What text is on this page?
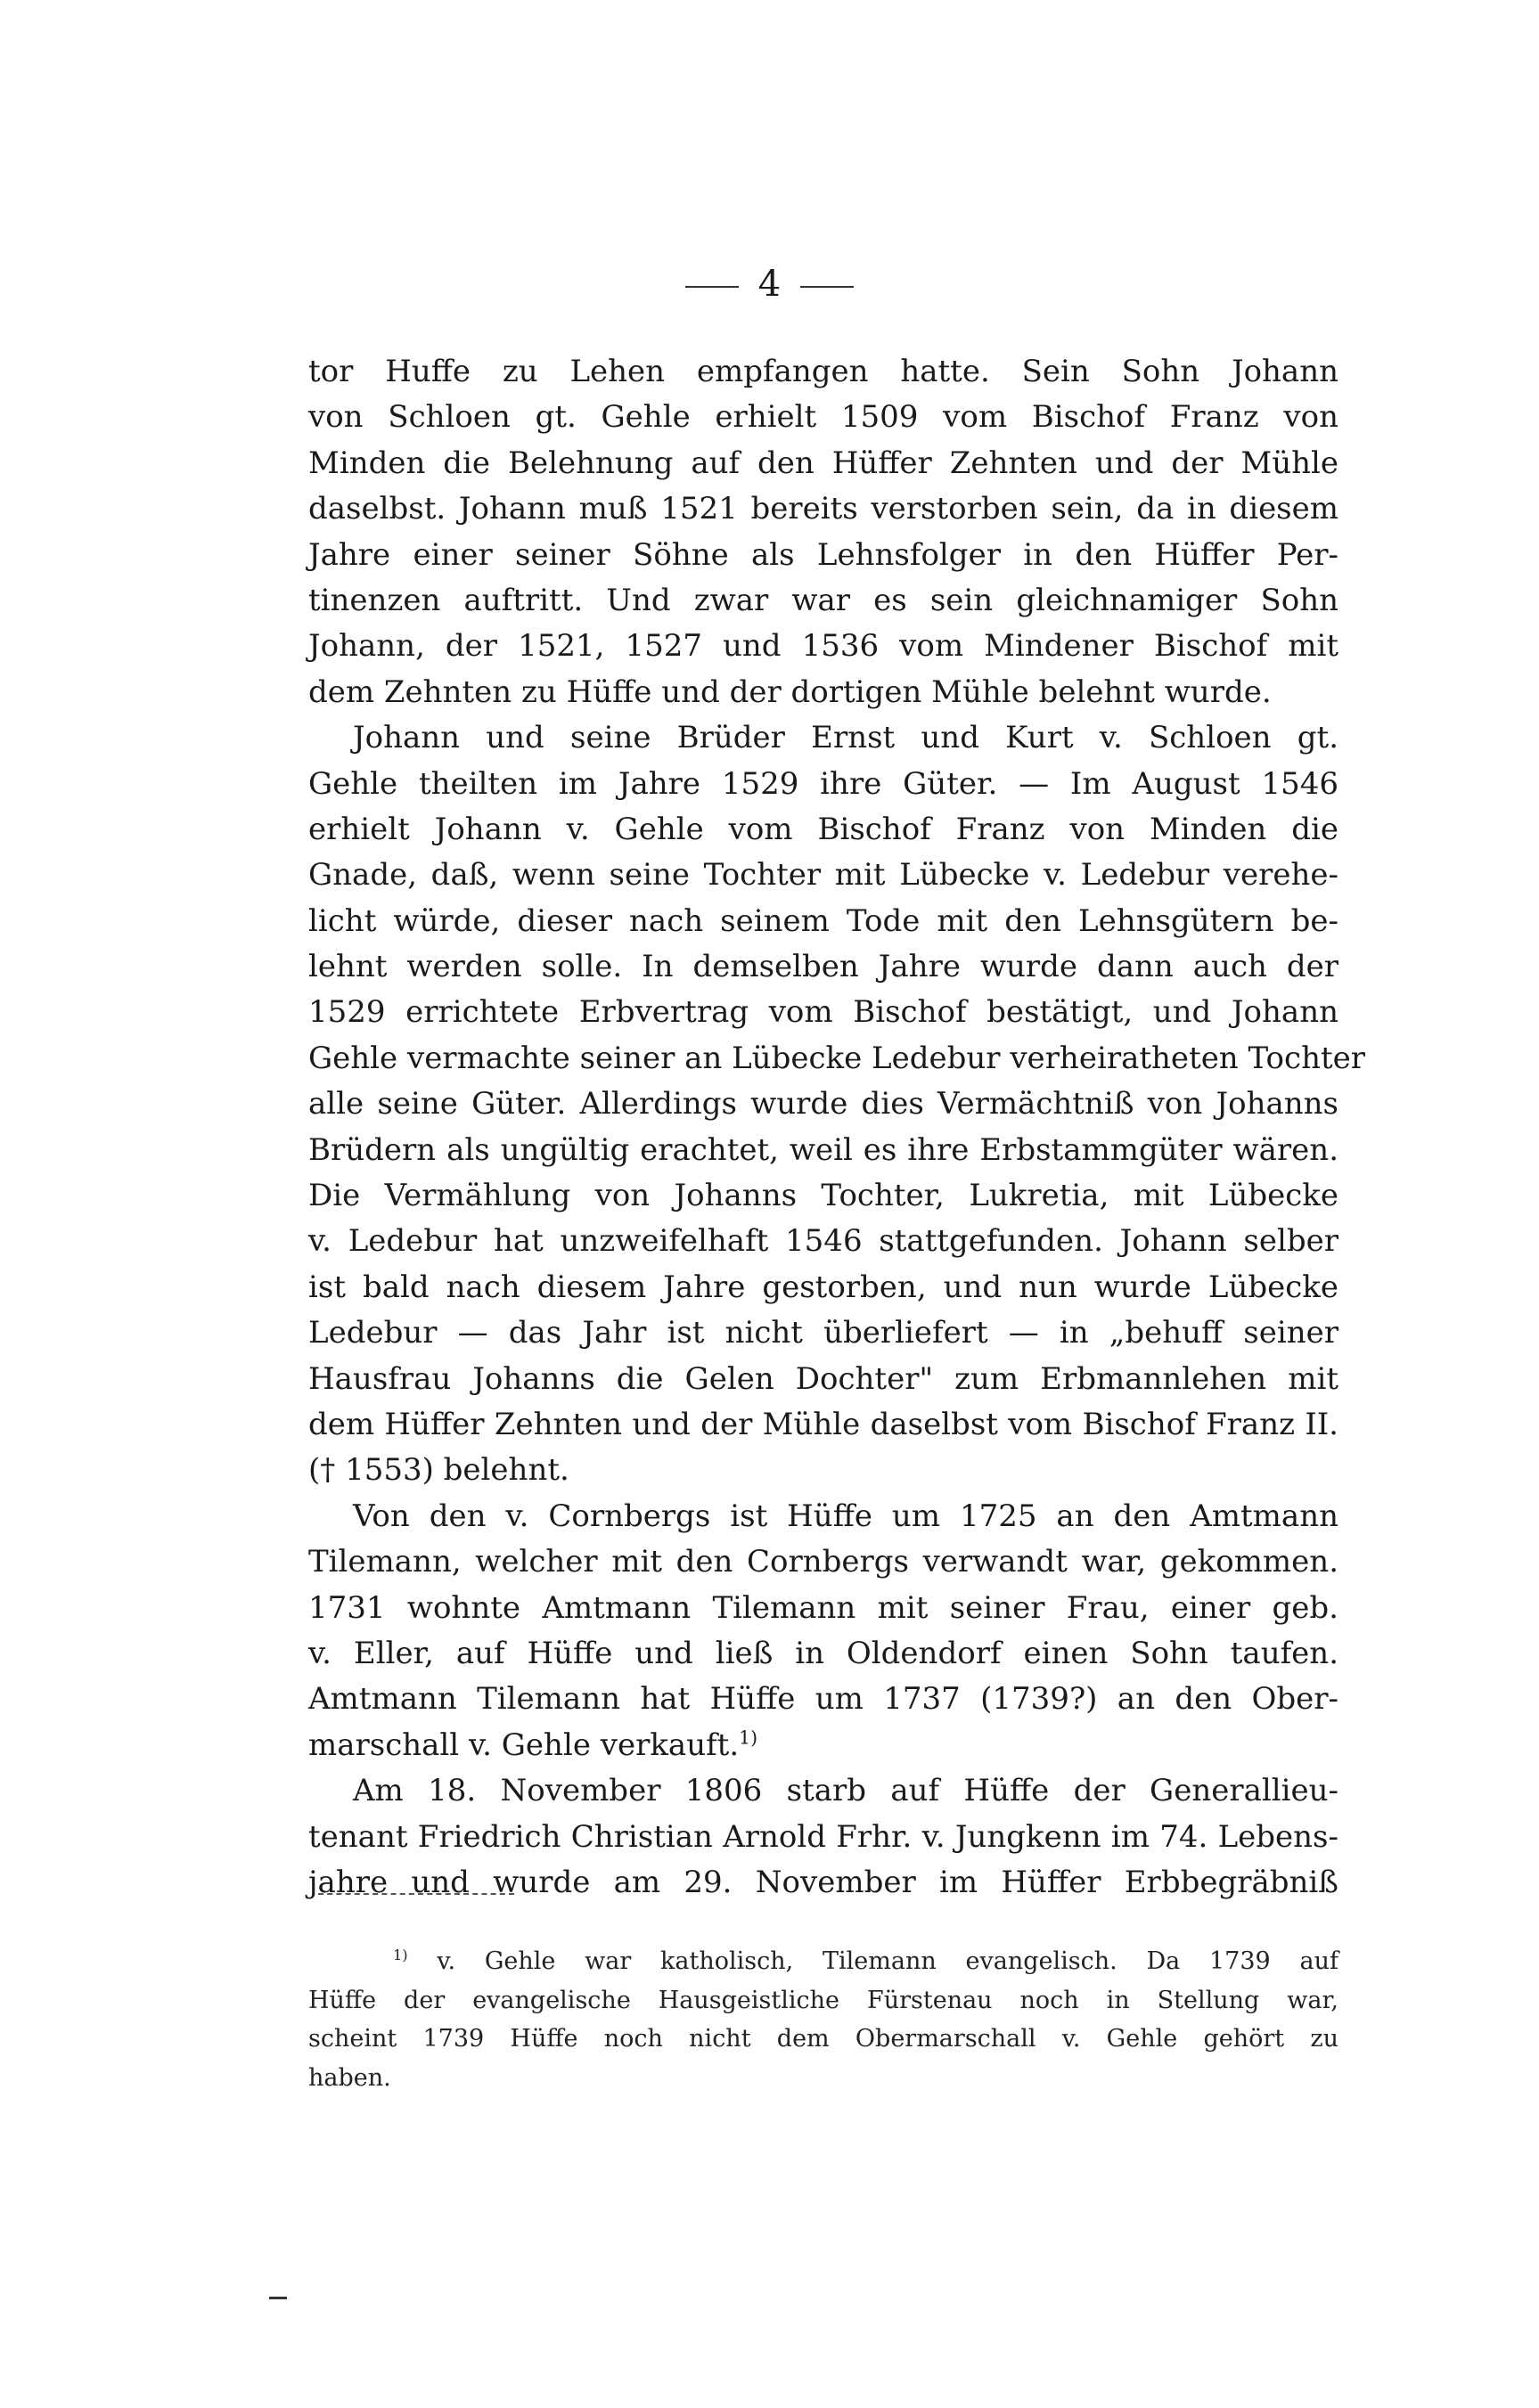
4
tor Huffe zu Lehen empfangen hatte. Sein Sohn Johann
von Schloen gt. Gehle erhielt 1509 vom Bischof Franz von
Minden die Belehnung auf den Hüffer Zehnten und der Mühle
daselbst. Johann muß 1521 bereits verstorben sein, da in diesem
Jahre einer seiner Söhne als Lehnsfolger in den Hüffer Per-
tinenzen auftritt. Und zwar war es sein gleichnamiger Sohn
Johann, der 1521, 1527 und 1536 vom Mindener Bischof mit
dem Zehnten zu Hüffe und der dortigen Mühle belehnt wurde.
Johann und seine Brüder Ernst und Kurt v. Schloen gt.
Gehle theilten im Jahre 1529 ihre Güter. — Im August 1546
erhielt Johann v. Gehle vom Bischof Franz von Minden die
Gnade, daß, wenn seine Tochter mit Lübecke v. Ledebur verehe-
licht würde, dieser nach seinem Tode mit den Lehnsgütern be-
lehnt werden solle. In demselben Jahre wurde dann auch der
1529 errichtete Erbvertrag vom Bischof bestätigt, und Johann
Gehle vermachte seiner an Lübecke Ledebur verheiratheten Tochter
alle seine Güter. Allerdings wurde dies Vermächtniß von Johanns
Brüdern als ungültig erachtet, weil es ihre Erbstammgüter wären.
Die Vermählung von Johanns Tochter, Lukretia, mit Lübecke
v. Ledebur hat unzweifelhaft 1546 stattgefunden. Johann selber
ist bald nach diesem Jahre gestorben, und nun wurde Lübecke
Ledebur — das Jahr ist nicht überliefert — in „behuff seiner
Hausfrau Johanns die Gelen Dochter" zum Erbmannlehen mit
dem Hüffer Zehnten und der Mühle daselbst vom Bischof Franz II.
(† 1553) belehnt.
Von den v. Cornbergs ist Hüffe um 1725 an den Amtmann
Tilemann, welcher mit den Cornbergs verwandt war, gekommen.
1731 wohnte Amtmann Tilemann mit seiner Frau, einer geb.
v. Eller, auf Hüffe und ließ in Oldendorf einen Sohn taufen.
Amtmann Tilemann hat Hüffe um 1737 (1739?) an den Ober-
marschall v. Gehle verkauft.$^{1)}$
Am 18. November 1806 starb auf Hüffe der Generallieu-
tenant Friedrich Christian Arnold Frhr. v. Jungkenn im 74. Lebens-
jahre und wurde am 29. November im Hüffer Erbbegräbniß
$^{1)}$ v. Gehle war katholisch, Tilemann evangelisch. Da 1739 auf
Hüffe der evangelische Hausgeistliche Fürstenau noch in Stellung war,
scheint 1739 Hüffe noch nicht dem Obermarschall v. Gehle gehört zu
haben.
